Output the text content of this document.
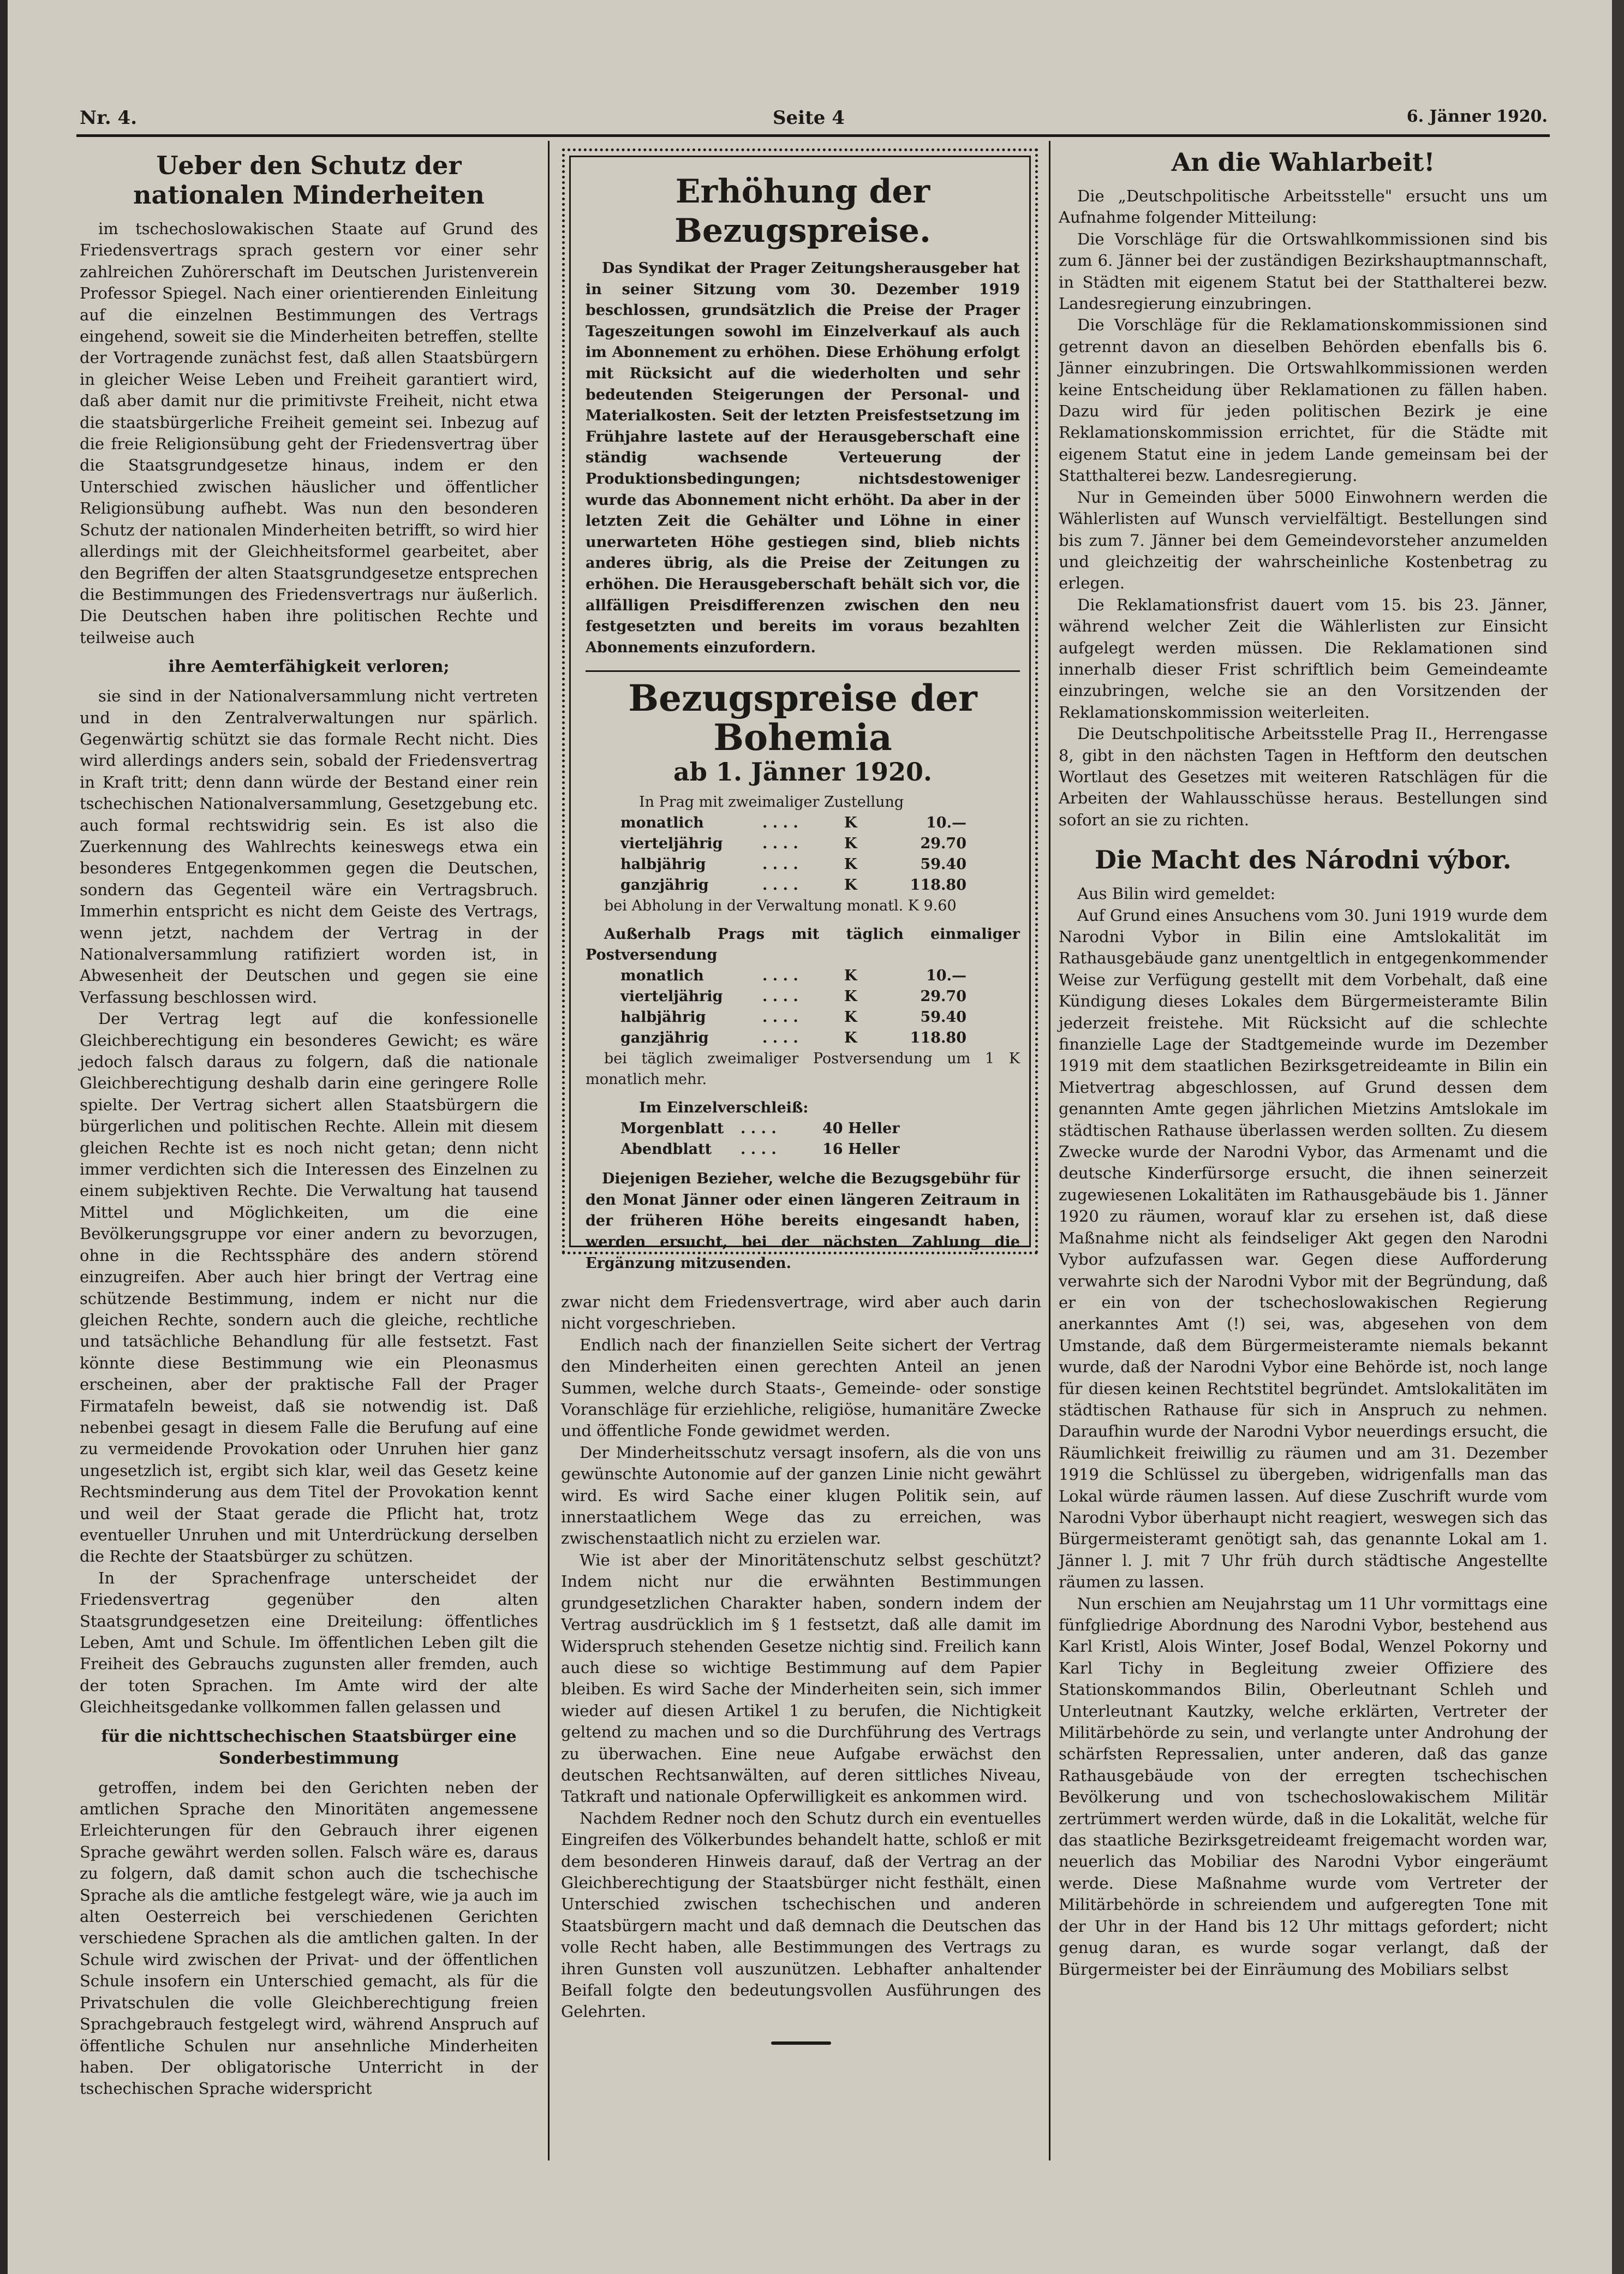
Nr. 4.	Seite 4	6. Jänner 1920.
Ueber den Schutz der nationalen Minderheiten

im tschechoslowakischen Staate auf Grund des Friedensvertrags sprach gestern vor einer sehr zahlreichen Zuhörerschaft im Deutschen Juristenverein Professor Spiegel. Nach einer orientierenden Einleitung auf die einzelnen Bestimmungen des Vertrags eingehend, soweit sie die Minderheiten betreffen, stellte der Vortragende zunächst fest, daß allen Staatsbürgern in gleicher Weise Leben und Freiheit garantiert wird, daß aber damit nur die primitivste Freiheit, nicht etwa die staatsbürgerliche Freiheit gemeint sei. Inbezug auf die freie Religionsübung geht der Friedensvertrag über die Staatsgrundgesetze hinaus, indem er den Unterschied zwischen häuslicher und öffentlicher Religionsübung aufhebt. Was nun den besonderen Schutz der nationalen Minderheiten betrifft, so wird hier allerdings mit der Gleichheitsformel gearbeitet, aber den Begriffen der alten Staatsgrundgesetze entsprechen die Bestimmungen des Friedensvertrags nur äußerlich. Die Deutschen haben ihre politischen Rechte und teilweise auch

ihre Aemterfähigkeit verloren;

sie sind in der Nationalversammlung nicht vertreten und in den Zentralverwaltungen nur spärlich. Gegenwärtig schützt sie das formale Recht nicht. Dies wird allerdings anders sein, sobald der Friedensvertrag in Kraft tritt; denn dann würde der Bestand einer rein tschechischen Nationalversammlung, Gesetzgebung etc. auch formal rechtswidrig sein. Es ist also die Zuerkennung des Wahlrechts keineswegs etwa ein besonderes Entgegenkommen gegen die Deutschen, sondern das Gegenteil wäre ein Vertragsbruch. Immerhin entspricht es nicht dem Geiste des Vertrags, wenn jetzt, nachdem der Vertrag in der Nationalversammlung ratifiziert worden ist, in Abwesenheit der Deutschen und gegen sie eine Verfassung beschlossen wird.

Der Vertrag legt auf die konfessionelle Gleichberechtigung ein besonderes Gewicht; es wäre jedoch falsch daraus zu folgern, daß die nationale Gleichberechtigung deshalb darin eine geringere Rolle spielte. Der Vertrag sichert allen Staatsbürgern die bürgerlichen und politischen Rechte. Allein mit diesem gleichen Rechte ist es noch nicht getan; denn nicht immer verdichten sich die Interessen des Einzelnen zu einem subjektiven Rechte. Die Verwaltung hat tausend Mittel und Möglichkeiten, um die eine Bevölkerungsgruppe vor einer andern zu bevorzugen, ohne in die Rechtssphäre des andern störend einzugreifen. Aber auch hier bringt der Vertrag eine schützende Bestimmung, indem er nicht nur die gleichen Rechte, sondern auch die gleiche, rechtliche und tatsächliche Behandlung für alle festsetzt. Fast könnte diese Bestimmung wie ein Pleonasmus erscheinen, aber der praktische Fall der Prager Firmatafeln beweist, daß sie notwendig ist. Daß nebenbei gesagt in diesem Falle die Berufung auf eine zu vermeidende Provokation oder Unruhen hier ganz ungesetzlich ist, ergibt sich klar, weil das Gesetz keine Rechtsminderung aus dem Titel der Provokation kennt und weil der Staat gerade die Pflicht hat, trotz eventueller Unruhen und mit Unterdrückung derselben die Rechte der Staatsbürger zu schützen.

In der Sprachenfrage unterscheidet der Friedensvertrag gegenüber den alten Staatsgrundgesetzen eine Dreiteilung: öffentliches Leben, Amt und Schule. Im öffentlichen Leben gilt die Freiheit des Gebrauchs zugunsten aller fremden, auch der toten Sprachen. Im Amte wird der alte Gleichheitsgedanke vollkommen fallen gelassen und

für die nichttschechischen Staatsbürger eine Sonderbestimmung

getroffen, indem bei den Gerichten neben der amtlichen Sprache den Minoritäten angemessene Erleichterungen für den Gebrauch ihrer eigenen Sprache gewährt werden sollen. Falsch wäre es, daraus zu folgern, daß damit schon auch die tschechische Sprache als die amtliche festgelegt wäre, wie ja auch im alten Oesterreich bei verschiedenen Gerichten verschiedene Sprachen als die amtlichen galten. In der Schule wird zwischen der Privat- und der öffentlichen Schule insofern ein Unterschied gemacht, als für die Privatschulen die volle Gleichberechtigung freien Sprachgebrauch festgelegt wird, während Anspruch auf öffentliche Schulen nur ansehnliche Minderheiten haben. Der obligatorische Unterricht in der tschechischen Sprache widerspricht

Erhöhung der Bezugspreise.

Das Syndikat der Prager Zeitungsherausgeber hat in seiner Sitzung vom 30. Dezember 1919 beschlossen, grundsätzlich die Preise der Prager Tageszeitungen sowohl im Einzelverkauf als auch im Abonnement zu erhöhen. Diese Erhöhung erfolgt mit Rücksicht auf die wiederholten und sehr bedeutenden Steigerungen der Personal- und Materialkosten. Seit der letzten Preisfestsetzung im Frühjahre lastete auf der Herausgeberschaft eine ständig wachsende Verteuerung der Produktionsbedingungen; nichtsdestoweniger wurde das Abonnement nicht erhöht. Da aber in der letzten Zeit die Gehälter und Löhne in einer unerwarteten Höhe gestiegen sind, blieb nichts anderes übrig, als die Preise der Zeitungen zu erhöhen. Die Herausgeberschaft behält sich vor, die allfälligen Preisdifferenzen zwischen den neu festgesetzten und bereits im voraus bezahlten Abonnements einzufordern.

Bezugspreise der Bohemia
ab 1. Jänner 1920.

In Prag mit zweimaliger Zustellung

monatlich	. . . .	K	10.—
vierteljährig	. . . .	K	29.70
halbjährig	. . . .	K	59.40
ganzjährig	. . . .	K	118.80

bei Abholung in der Verwaltung monatl. K 9.60

Außerhalb Prags mit täglich einmaliger Postversendung

monatlich	. . . .	K	10.—
vierteljährig	. . . .	K	29.70
halbjährig	. . . .	K	59.40
ganzjährig	. . . .	K	118.80

bei täglich zweimaliger Postversendung um 1 K monatlich mehr.

Im Einzelverschleiß:

Morgenblatt	. . . .	40 Heller
Abendblatt	. . . .	16 Heller

Diejenigen Bezieher, welche die Bezugsgebühr für den Monat Jänner oder einen längeren Zeitraum in der früheren Höhe bereits eingesandt haben, werden ersucht, bei der nächsten Zahlung die Ergänzung mitzusenden.

zwar nicht dem Friedensvertrage, wird aber auch darin nicht vorgeschrieben.

Endlich nach der finanziellen Seite sichert der Vertrag den Minderheiten einen gerechten Anteil an jenen Summen, welche durch Staats-, Gemeinde- oder sonstige Voranschläge für erziehliche, religiöse, humanitäre Zwecke und öffentliche Fonde gewidmet werden.

Der Minderheitsschutz versagt insofern, als die von uns gewünschte Autonomie auf der ganzen Linie nicht gewährt wird. Es wird Sache einer klugen Politik sein, auf innerstaatlichem Wege das zu erreichen, was zwischenstaatlich nicht zu erzielen war.

Wie ist aber der Minoritätenschutz selbst geschützt? Indem nicht nur die erwähnten Bestimmungen grundgesetzlichen Charakter haben, sondern indem der Vertrag ausdrücklich im § 1 festsetzt, daß alle damit im Widerspruch stehenden Gesetze nichtig sind. Freilich kann auch diese so wichtige Bestimmung auf dem Papier bleiben. Es wird Sache der Minderheiten sein, sich immer wieder auf diesen Artikel 1 zu berufen, die Nichtigkeit geltend zu machen und so die Durchführung des Vertrags zu überwachen. Eine neue Aufgabe erwächst den deutschen Rechtsanwälten, auf deren sittliches Niveau, Tatkraft und nationale Opferwilligkeit es ankommen wird.

Nachdem Redner noch den Schutz durch ein eventuelles Eingreifen des Völkerbundes behandelt hatte, schloß er mit dem besonderen Hinweis darauf, daß der Vertrag an der Gleichberechtigung der Staatsbürger nicht festhält, einen Unterschied zwischen tschechischen und anderen Staatsbürgern macht und daß demnach die Deutschen das volle Recht haben, alle Bestimmungen des Vertrags zu ihren Gunsten voll auszunützen. Lebhafter anhaltender Beifall folgte den bedeutungsvollen Ausführungen des Gelehrten.

An die Wahlarbeit!

Die „Deutschpolitische Arbeitsstelle" ersucht uns um Aufnahme folgender Mitteilung:

Die Vorschläge für die Ortswahlkommissionen sind bis zum 6. Jänner bei der zuständigen Bezirkshauptmannschaft, in Städten mit eigenem Statut bei der Statthalterei bezw. Landesregierung einzubringen.

Die Vorschläge für die Reklamationskommissionen sind getrennt davon an dieselben Behörden ebenfalls bis 6. Jänner einzubringen. Die Ortswahlkommissionen werden keine Entscheidung über Reklamationen zu fällen haben. Dazu wird für jeden politischen Bezirk je eine Reklamationskommission errichtet, für die Städte mit eigenem Statut eine in jedem Lande gemeinsam bei der Statthalterei bezw. Landesregierung.

Nur in Gemeinden über 5000 Einwohnern werden die Wählerlisten auf Wunsch vervielfältigt. Bestellungen sind bis zum 7. Jänner bei dem Gemeindevorsteher anzumelden und gleichzeitig der wahrscheinliche Kostenbetrag zu erlegen.

Die Reklamationsfrist dauert vom 15. bis 23. Jänner, während welcher Zeit die Wählerlisten zur Einsicht aufgelegt werden müssen. Die Reklamationen sind innerhalb dieser Frist schriftlich beim Gemeindeamte einzubringen, welche sie an den Vorsitzenden der Reklamationskommission weiterleiten.

Die Deutschpolitische Arbeitsstelle Prag II., Herrengasse 8, gibt in den nächsten Tagen in Heftform den deutschen Wortlaut des Gesetzes mit weiteren Ratschlägen für die Arbeiten der Wahlausschüsse heraus. Bestellungen sind sofort an sie zu richten.

Die Macht des Národni výbor.

Aus Bilin wird gemeldet:

Auf Grund eines Ansuchens vom 30. Juni 1919 wurde dem Narodni Vybor in Bilin eine Amtslokalität im Rathausgebäude ganz unentgeltlich in entgegenkommender Weise zur Verfügung gestellt mit dem Vorbehalt, daß eine Kündigung dieses Lokales dem Bürgermeisteramte Bilin jederzeit freistehe. Mit Rücksicht auf die schlechte finanzielle Lage der Stadtgemeinde wurde im Dezember 1919 mit dem staatlichen Bezirksgetreideamte in Bilin ein Mietvertrag abgeschlossen, auf Grund dessen dem genannten Amte gegen jährlichen Mietzins Amtslokale im städtischen Rathause überlassen werden sollten. Zu diesem Zwecke wurde der Narodni Vybor, das Armenamt und die deutsche Kinderfürsorge ersucht, die ihnen seinerzeit zugewiesenen Lokalitäten im Rathausgebäude bis 1. Jänner 1920 zu räumen, worauf klar zu ersehen ist, daß diese Maßnahme nicht als feindseliger Akt gegen den Narodni Vybor aufzufassen war. Gegen diese Aufforderung verwahrte sich der Narodni Vybor mit der Begründung, daß er ein von der tschechoslowakischen Regierung anerkanntes Amt (!) sei, was, abgesehen von dem Umstande, daß dem Bürgermeisteramte niemals bekannt wurde, daß der Narodni Vybor eine Behörde ist, noch lange für diesen keinen Rechtstitel begründet. Amtslokalitäten im städtischen Rathause für sich in Anspruch zu nehmen. Daraufhin wurde der Narodni Vybor neuerdings ersucht, die Räumlichkeit freiwillig zu räumen und am 31. Dezember 1919 die Schlüssel zu übergeben, widrigenfalls man das Lokal würde räumen lassen. Auf diese Zuschrift wurde vom Narodni Vybor überhaupt nicht reagiert, weswegen sich das Bürgermeisteramt genötigt sah, das genannte Lokal am 1. Jänner l. J. mit 7 Uhr früh durch städtische Angestellte räumen zu lassen.

Nun erschien am Neujahrstag um 11 Uhr vormittags eine fünfgliedrige Abordnung des Narodni Vybor, bestehend aus Karl Kristl, Alois Winter, Josef Bodal, Wenzel Pokorny und Karl Tichy in Begleitung zweier Offiziere des Stationskommandos Bilin, Oberleutnant Schleh und Unterleutnant Kautzky, welche erklärten, Vertreter der Militärbehörde zu sein, und verlangte unter Androhung der schärfsten Repressalien, unter anderen, daß das ganze Rathausgebäude von der erregten tschechischen Bevölkerung und von tschechoslowakischem Militär zertrümmert werden würde, daß in die Lokalität, welche für das staatliche Bezirksgetreideamt freigemacht worden war, neuerlich das Mobiliar des Narodni Vybor eingeräumt werde. Diese Maßnahme wurde vom Vertreter der Militärbehörde in schreiendem und aufgeregten Tone mit der Uhr in der Hand bis 12 Uhr mittags gefordert; nicht genug daran, es wurde sogar verlangt, daß der Bürgermeister bei der Einräumung des Mobiliars selbst
